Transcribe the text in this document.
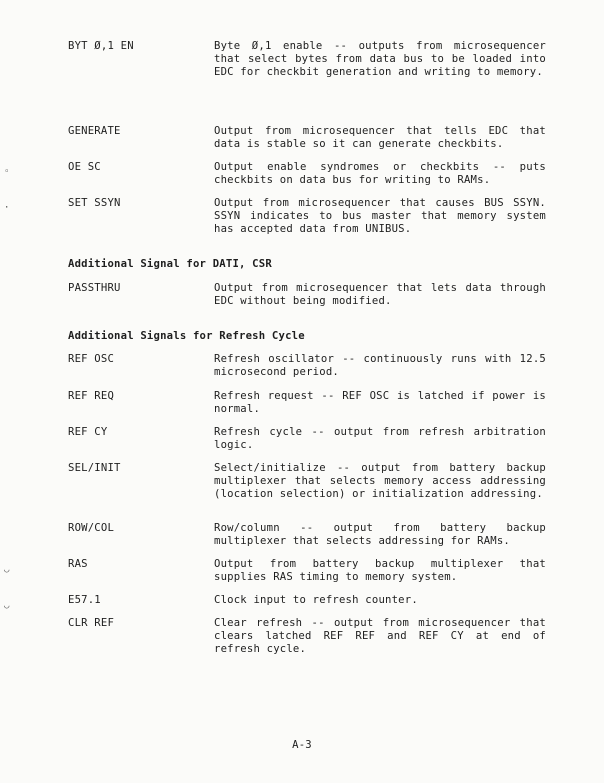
BYT Ø,1 EN	Byte Ø,1 enable -- outputs from microsequencer that select bytes from data bus to be loaded into EDC for checkbit generation and writing to memory.
GENERATE	Output from microsequencer that tells EDC that data is stable so it can generate checkbits.
OE SC	Output enable syndromes or checkbits -- puts checkbits on data bus for writing to RAMs.
SET SSYN	Output from microsequencer that causes BUS SSYN. SSYN indicates to bus master that memory system has accepted data from UNIBUS.
Additional Signal for DATI, CSR
PASSTHRU	Output from microsequencer that lets data through EDC without being modified.
Additional Signals for Refresh Cycle
REF OSC	Refresh oscillator -- continuously runs with 12.5 microsecond period.
REF REQ	Refresh request -- REF OSC is latched if power is normal.
REF CY	Refresh cycle -- output from refresh arbitration logic.
SEL/INIT	Select/initialize -- output from battery backup multiplexer that selects memory access addressing (location selection) or initialization addressing.
ROW/COL	Row/column -- output from battery backup multiplexer that selects addressing for RAMs.
RAS	Output from battery backup multiplexer that supplies RAS timing to memory system.
E57.1	Clock input to refresh counter.
CLR REF	Clear refresh -- output from microsequencer that clears latched REF REF and REF CY at end of refresh cycle.
◦
·
◡
◡
A-3
